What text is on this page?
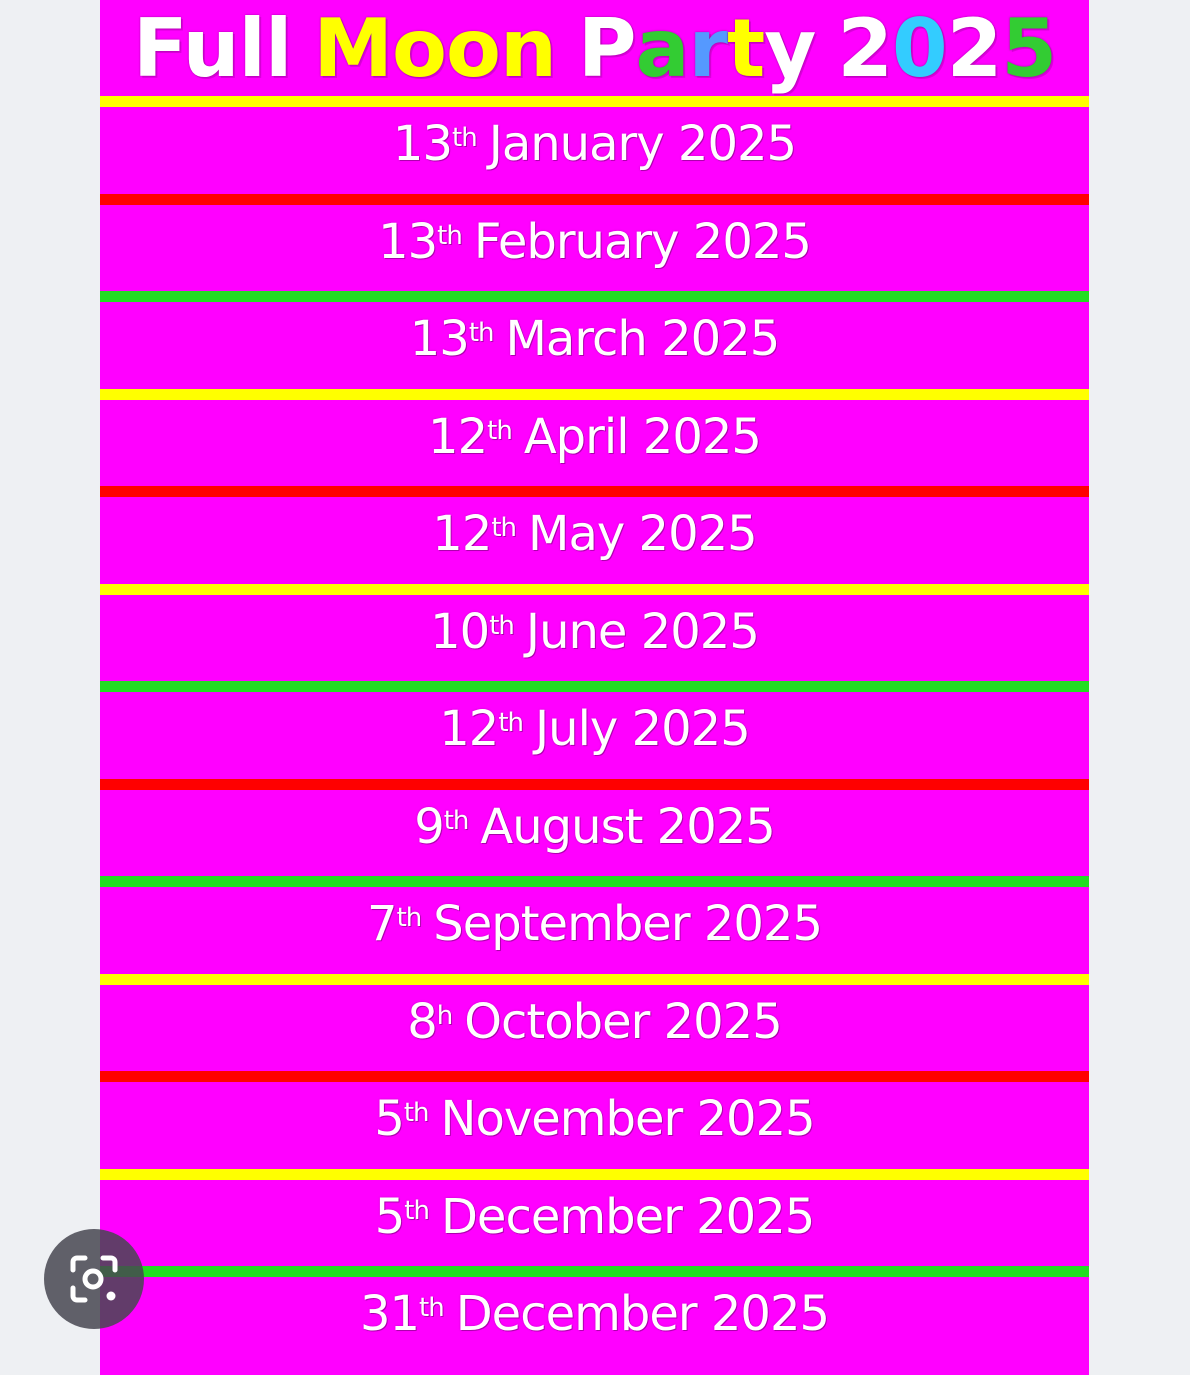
Full Moon Party 2025
13th January 2025
13th February 2025
13th March 2025
12th April 2025
12th May 2025
10th June 2025
12th July 2025
9th August 2025
7th September 2025
8$^h$ October 2025
5th November 2025
5th December 2025
31th December 2025
